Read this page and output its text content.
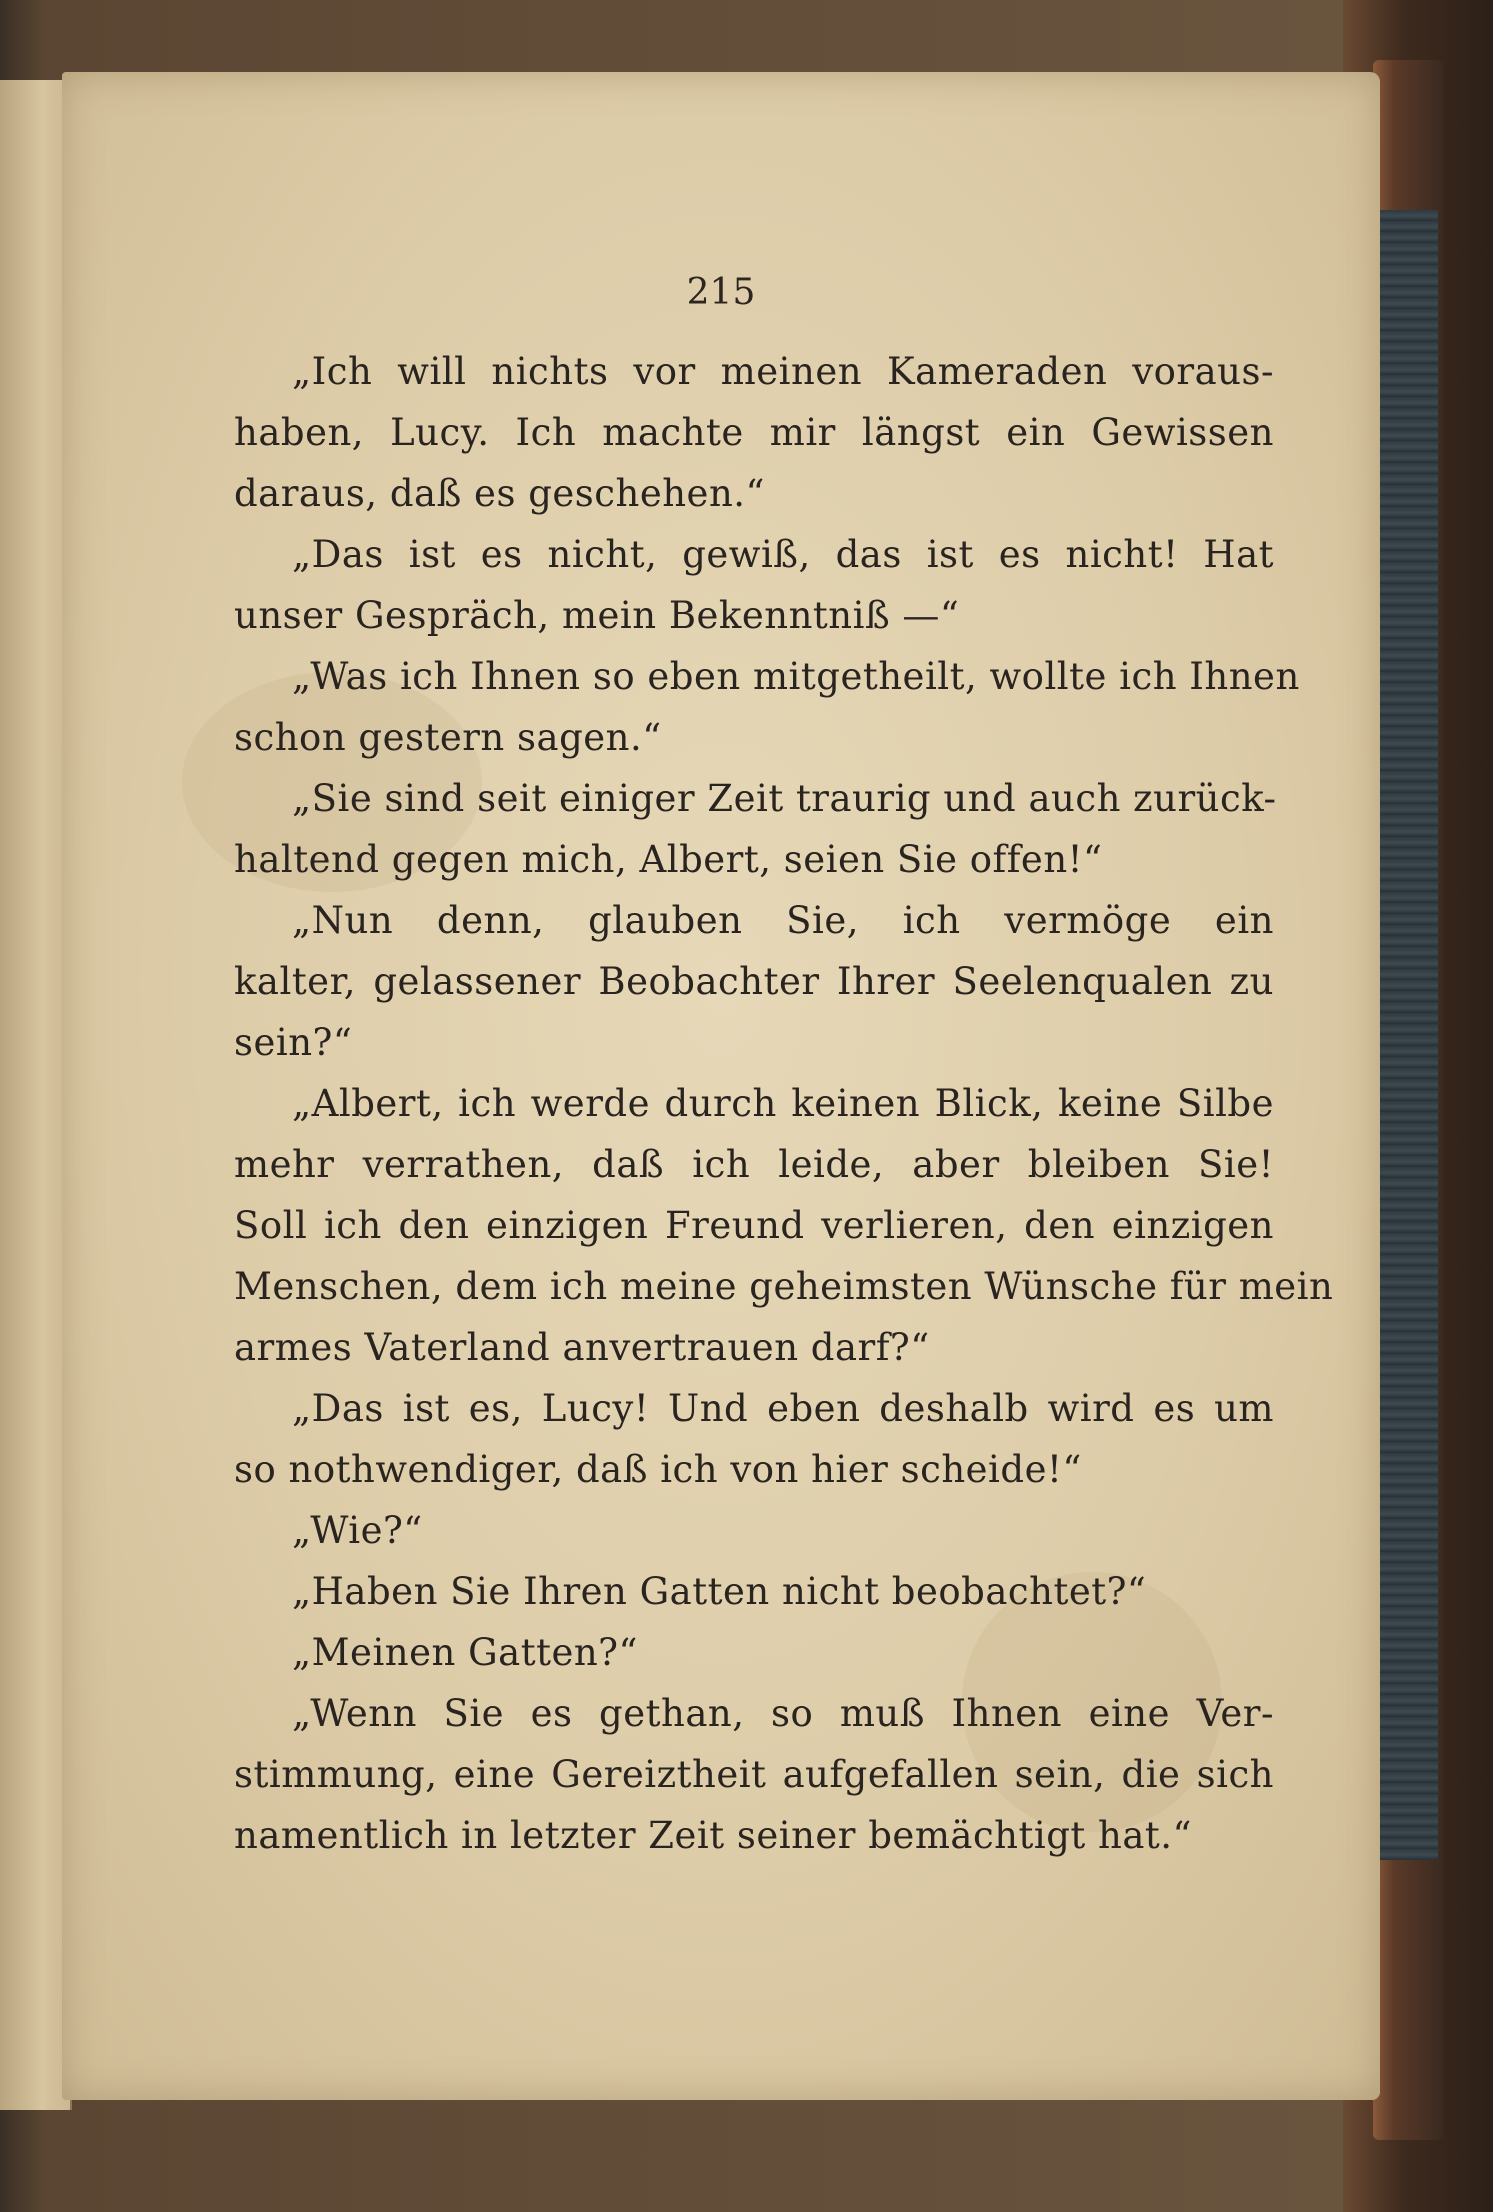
215
„Ich will nichts vor meinen Kameraden voraus-
haben, Lucy. Ich machte mir längst ein Gewissen
daraus, daß es geschehen.“
„Das ist es nicht, gewiß, das ist es nicht! Hat
unser Gespräch, mein Bekenntniß —“
„Was ich Ihnen so eben mitgetheilt, wollte ich Ihnen
schon gestern sagen.“
„Sie sind seit einiger Zeit traurig und auch zurück-
haltend gegen mich, Albert, seien Sie offen!“
„Nun denn, glauben Sie, ich vermöge ein
kalter, gelassener Beobachter Ihrer Seelenqualen zu
sein?“
„Albert, ich werde durch keinen Blick, keine Silbe
mehr verrathen, daß ich leide, aber bleiben Sie!
Soll ich den einzigen Freund verlieren, den einzigen
Menschen, dem ich meine geheimsten Wünsche für mein
armes Vaterland anvertrauen darf?“
„Das ist es, Lucy! Und eben deshalb wird es um
so nothwendiger, daß ich von hier scheide!“
„Wie?“
„Haben Sie Ihren Gatten nicht beobachtet?“
„Meinen Gatten?“
„Wenn Sie es gethan, so muß Ihnen eine Ver-
stimmung, eine Gereiztheit aufgefallen sein, die sich
namentlich in letzter Zeit seiner bemächtigt hat.“
